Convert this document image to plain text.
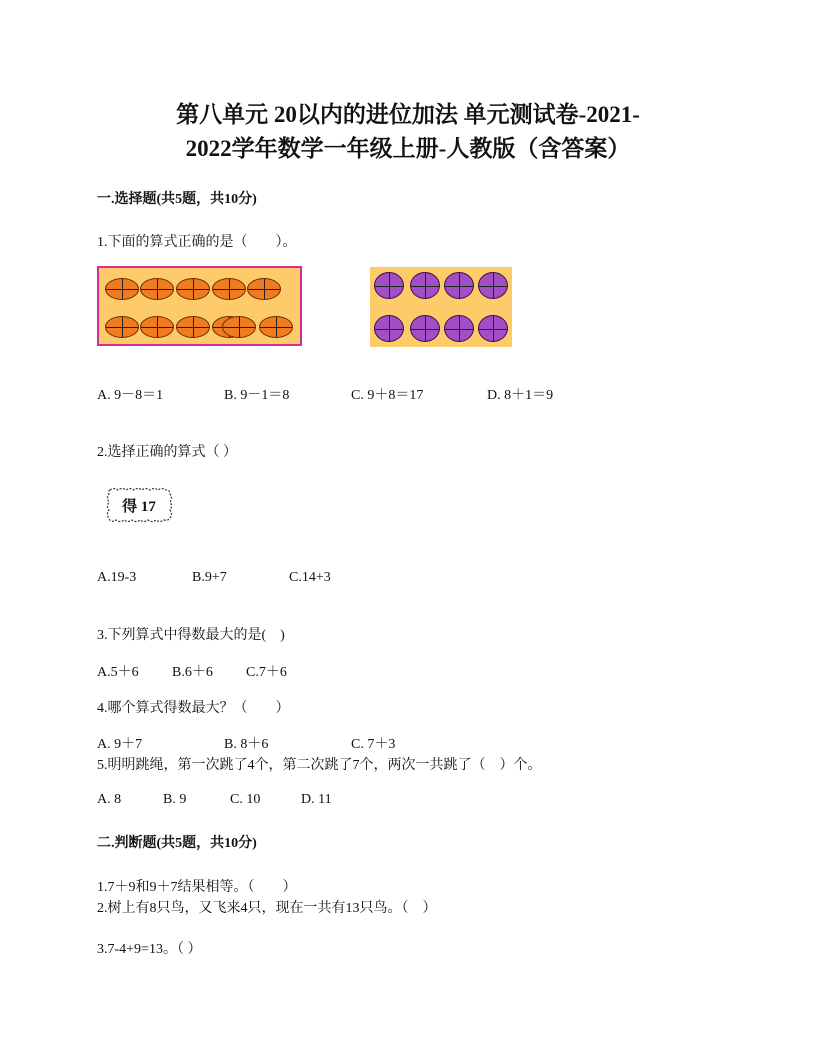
第八单元 20以内的进位加法 单元测试卷-2021-
2022学年数学一年级上册-人教版（含答案）
一.选择题(共5题，共10分)
1.下面的算式正确的是（　　）。
A. 9－8＝1	B. 9－1＝8	C. 9＋8＝17	D. 8＋1＝9
2.选择正确的算式（ ）
得 17
A.19-3	B.9+7	C.14+3
3.下列算式中得数最大的是(　)
A.5＋6 B.6＋6 C.7＋6
4.哪个算式得数最大？（　　）
A. 9＋7	B. 8＋6	C. 7＋3
5.明明跳绳，第一次跳了4个，第二次跳了7个，两次一共跳了（　）个。
A. 8	B. 9	C. 10	D. 11
二.判断题(共5题，共10分)
1.7＋9和9＋7结果相等。（　　）
2.树上有8只鸟，又飞来4只，现在一共有13只鸟。（　）
3.7-4+9=13。（ ）
